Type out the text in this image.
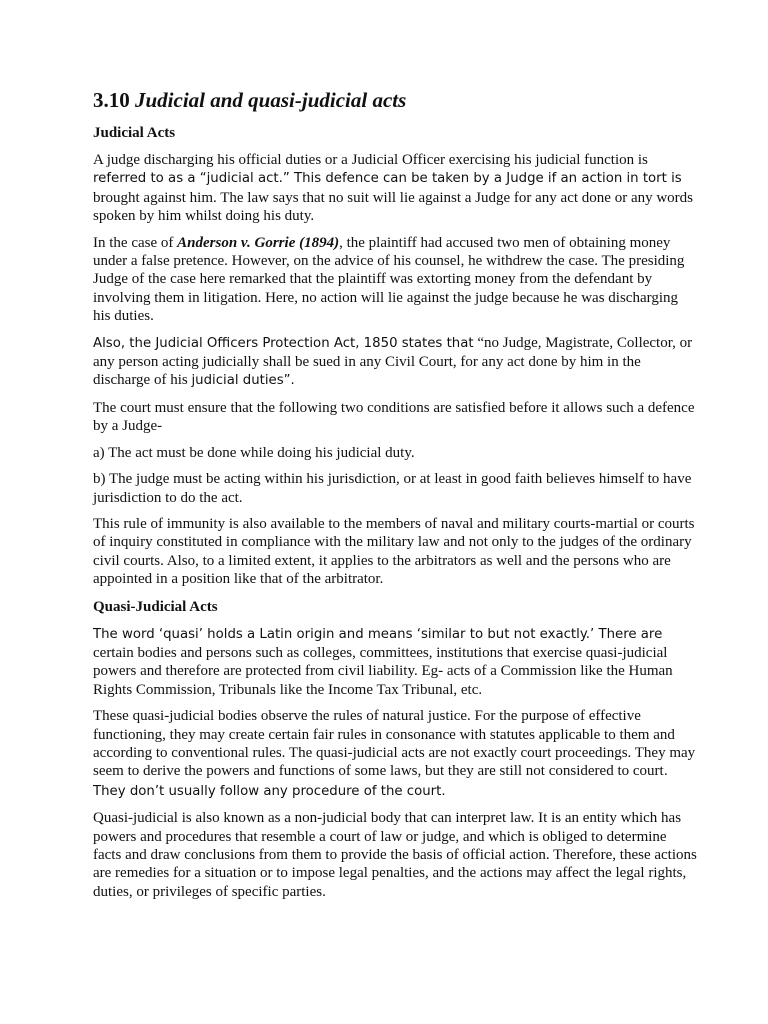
3.10 Judicial and quasi-judicial acts
Judicial Acts

A judge discharging his official duties or a Judicial Officer exercising his judicial function is referred to as a “judicial act.” This defence can be taken by a Judge if an action in tort is brought against him. The law says that no suit will lie against a Judge for any act done or any words spoken by him whilst doing his duty.

In the case of Anderson v. Gorrie (1894), the plaintiff had accused two men of obtaining money under a false pretence. However, on the advice of his counsel, he withdrew the case. The presiding Judge of the case here remarked that the plaintiff was extorting money from the defendant by involving them in litigation. Here, no action will lie against the judge because he was discharging his duties.

Also, the Judicial Officers Protection Act, 1850 states that “no Judge, Magistrate, Collector, or any person acting judicially shall be sued in any Civil Court, for any act done by him in the discharge of his judicial duties”.

The court must ensure that the following two conditions are satisfied before it allows such a defence by a Judge-

a) The act must be done while doing his judicial duty.

b) The judge must be acting within his jurisdiction, or at least in good faith believes himself to have jurisdiction to do the act.

This rule of immunity is also available to the members of naval and military courts-martial or courts of inquiry constituted in compliance with the military law and not only to the judges of the ordinary civil courts. Also, to a limited extent, it applies to the arbitrators as well and the persons who are appointed in a position like that of the arbitrator.

Quasi-Judicial Acts

The word ‘quasi’ holds a Latin origin and means ‘similar to but not exactly.’ There are certain bodies and persons such as colleges, committees, institutions that exercise quasi-judicial powers and therefore are protected from civil liability. Eg- acts of a Commission like the Human Rights Commission, Tribunals like the Income Tax Tribunal, etc.

These quasi-judicial bodies observe the rules of natural justice. For the purpose of effective functioning, they may create certain fair rules in consonance with statutes applicable to them and according to conventional rules. The quasi-judicial acts are not exactly court proceedings. They may seem to derive the powers and functions of some laws, but they are still not considered to court. They don’t usually follow any procedure of the court.

Quasi-judicial is also known as a non-judicial body that can interpret law. It is an entity which has powers and procedures that resemble a court of law or judge, and which is obliged to determine facts and draw conclusions from them to provide the basis of official action. Therefore, these actions are remedies for a situation or to impose legal penalties, and the actions may affect the legal rights, duties, or privileges of specific parties.
